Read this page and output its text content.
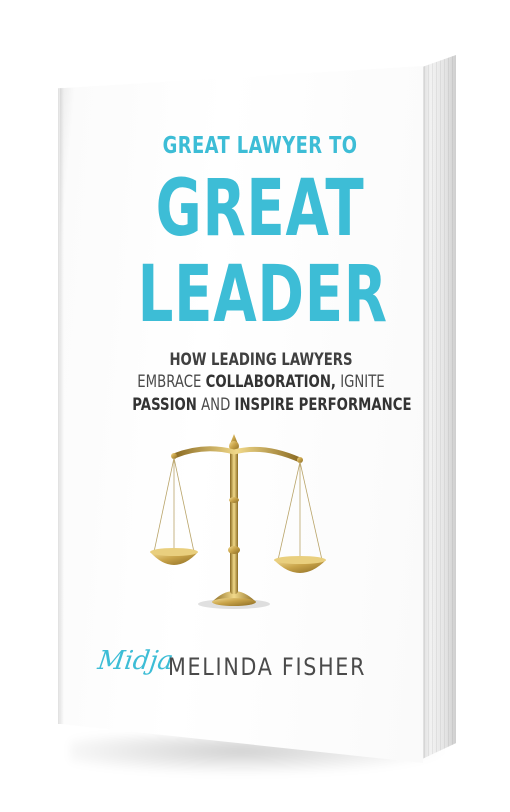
GREAT LAWYER TO
GREAT
LEADER
HOW LEADING LAWYERS
EMBRACE COLLABORATION, IGNITE
PASSION AND INSPIRE PERFORMANCE
Midja
MELINDA FISHER
